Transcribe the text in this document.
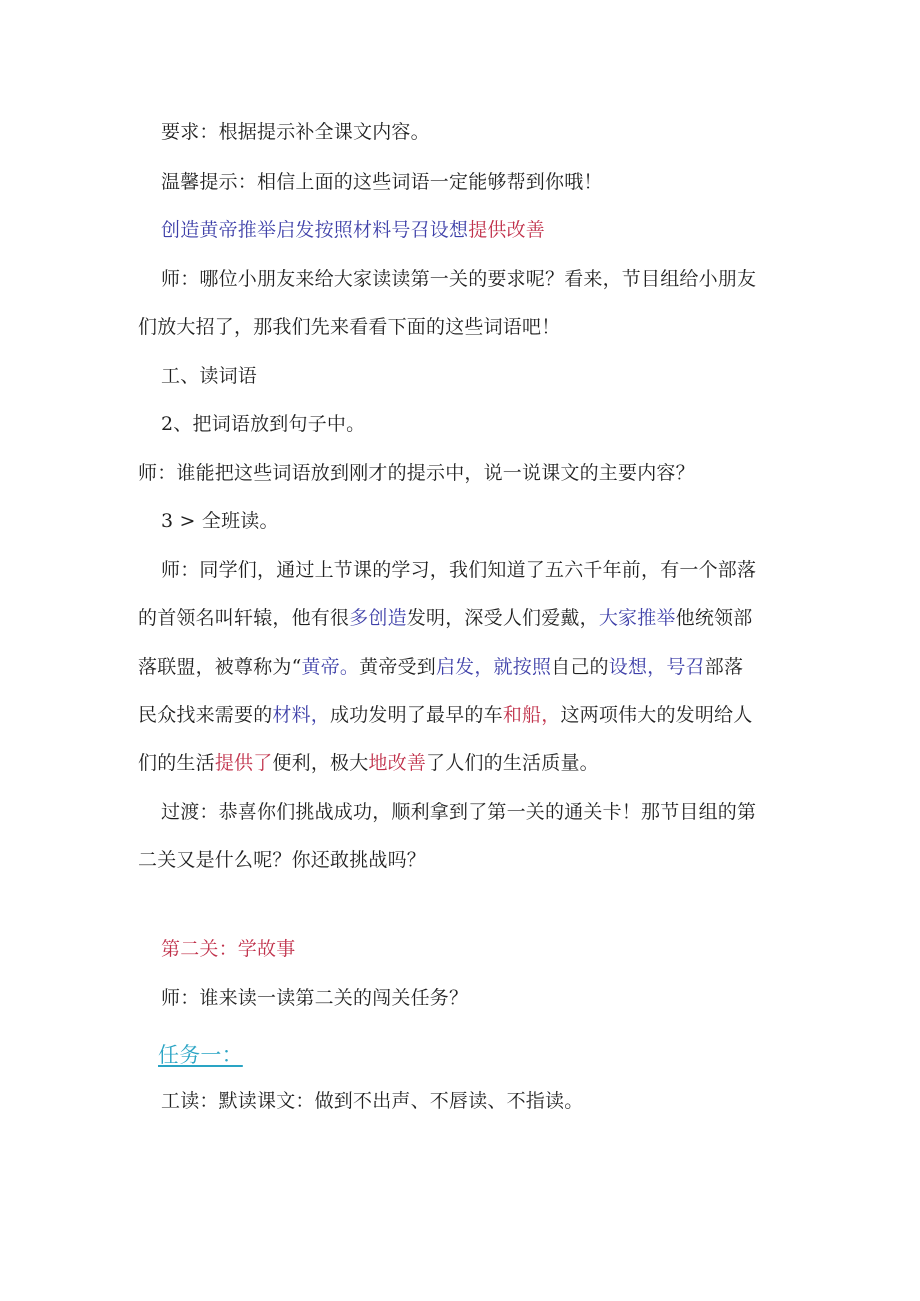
要求：根据提示补全课文内容。

温馨提示：相信上面的这些词语一定能够帮到你哦！

创造黄帝推举启发按照材料号召设想提供改善

师：哪位小朋友来给大家读读第一关的要求呢？看来，节目组给小朋友

们放大招了，那我们先来看看下面的这些词语吧！

工、读词语

2、把词语放到句子中。

师：谁能把这些词语放到刚才的提示中，说一说课文的主要内容？

3 > 全班读。

师：同学们，通过上节课的学习，我们知道了五六千年前，有一个部落

的首领名叫轩辕，他有很多创造发明，深受人们爱戴，大家推举他统领部

落联盟，被尊称为“黄帝。黄帝受到启发，就按照自己的设想，号召部落

民众找来需要的材料，成功发明了最早的车和船，这两项伟大的发明给人

们的生活提供了便利，极大地改善了人们的生活质量。

过渡：恭喜你们挑战成功，顺利拿到了第一关的通关卡！那节目组的第

二关又是什么呢？你还敢挑战吗？

第二关：学故事

师：谁来读一读第二关的闯关任务？

任务一：

工读：默读课文：做到不出声、不唇读、不指读。
